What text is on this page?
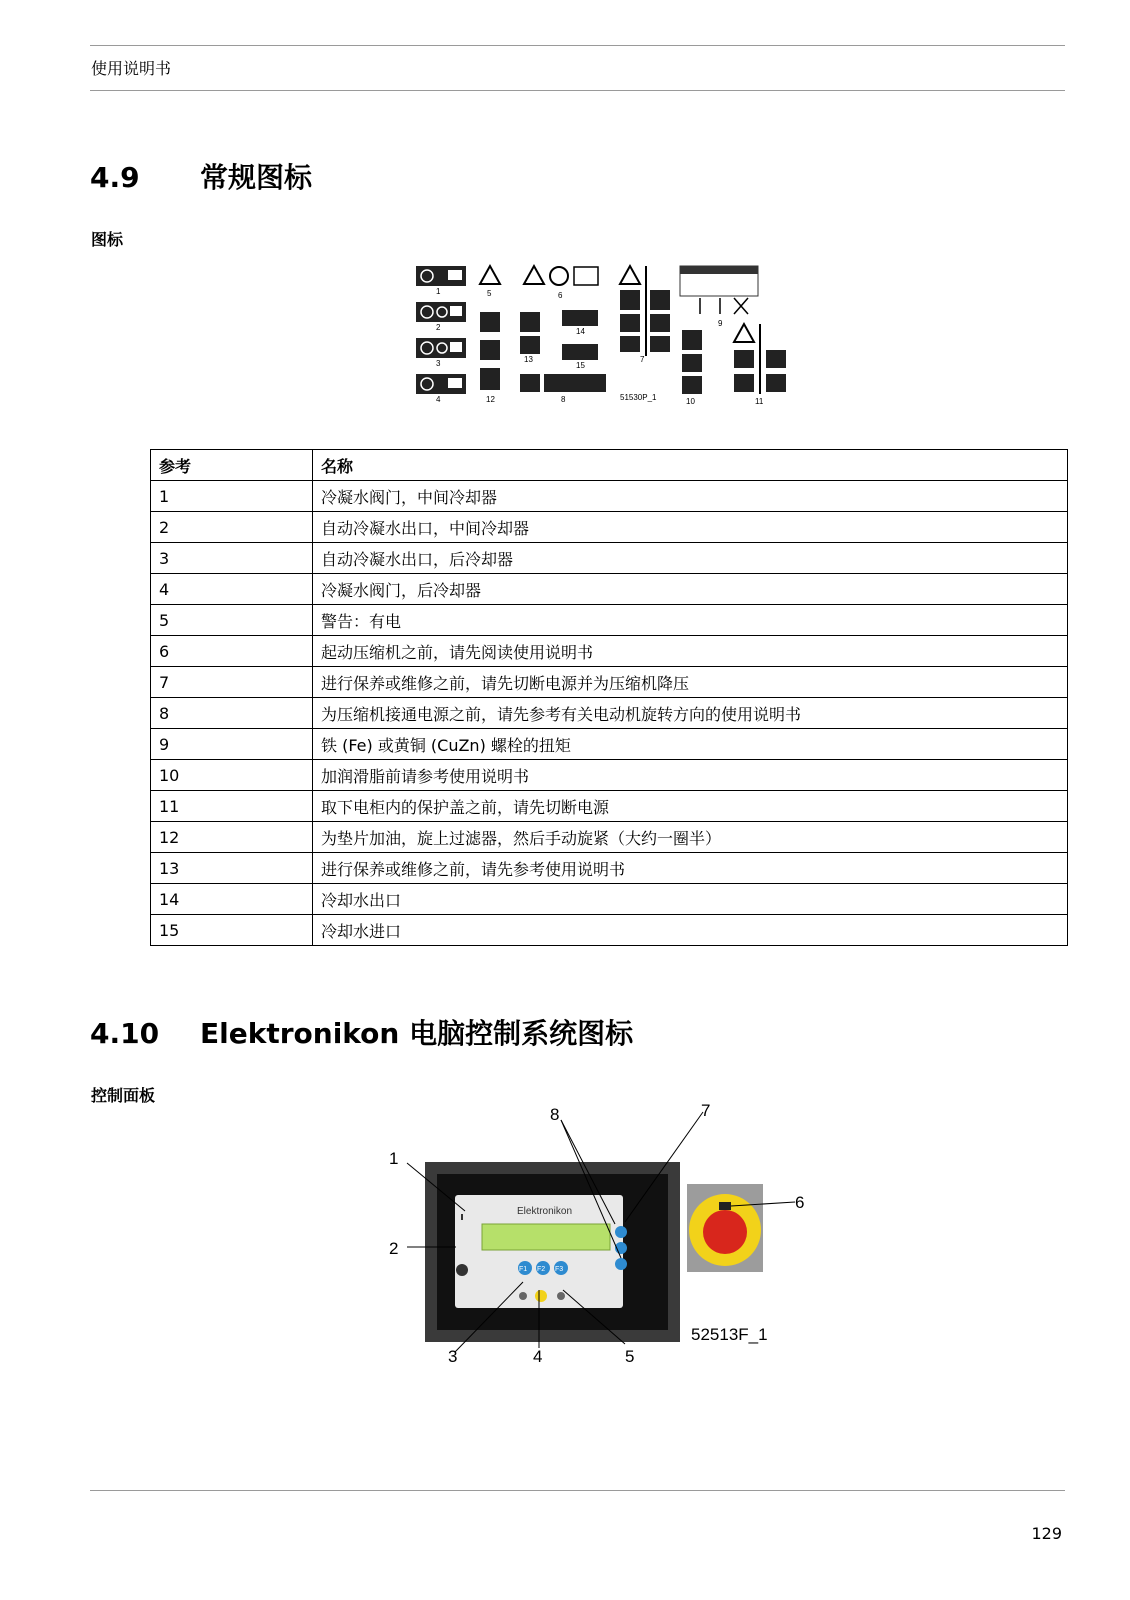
使用说明书
4.9 常规图标
图标
1
2
3
4
5
12
6
13
14
15
8
7
51530P_1
9
10	11
参考	名称
1	冷凝水阀门，中间冷却器
2	自动冷凝水出口，中间冷却器
3	自动冷凝水出口，后冷却器
4	冷凝水阀门，后冷却器
5	警告：有电
6	起动压缩机之前，请先阅读使用说明书
7	进行保养或维修之前，请先切断电源并为压缩机降压
8	为压缩机接通电源之前，请先参考有关电动机旋转方向的使用说明书
9	铁 (Fe) 或黄铜 (CuZn) 螺栓的扭矩
10	加润滑脂前请参考使用说明书
11	取下电柜内的保护盖之前，请先切断电源
12	为垫片加油，旋上过滤器，然后手动旋紧（大约一圈半）
13	进行保养或维修之前，请先参考使用说明书
14	冷却水出口
15	冷却水进口
4.10 Elektronikon 电脑控制系统图标
控制面板
Elektronikon
F1 F2 F3
1
2
3	4	5
6
7
8
52513F_1
129
